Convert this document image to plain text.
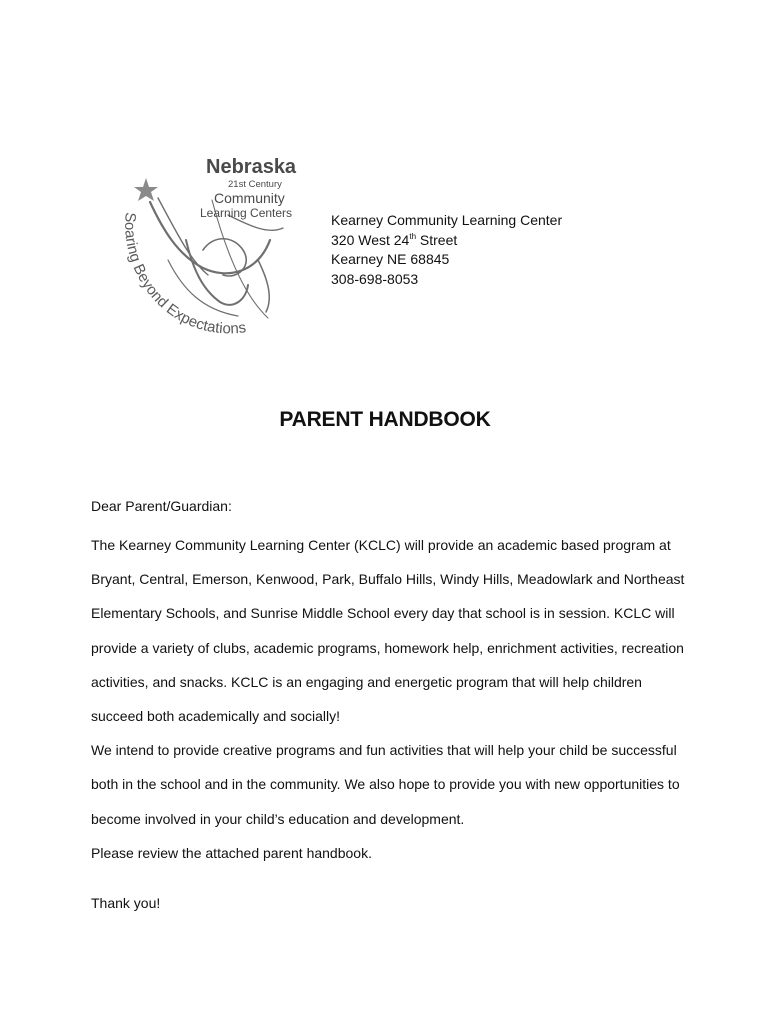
Nebraska
21st Century
Community
Learning Centers
Soaring Beyond Expectations
Kearney Community Learning Center
320 West 24th Street
Kearney NE 68845
308-698-8053
PARENT HANDBOOK
Dear Parent/Guardian:
The Kearney Community Learning Center (KCLC) will provide an academic based program at
Bryant, Central, Emerson, Kenwood, Park, Buffalo Hills, Windy Hills, Meadowlark and Northeast
Elementary Schools, and Sunrise Middle School every day that school is in session. KCLC will
provide a variety of clubs, academic programs, homework help, enrichment activities, recreation
activities, and snacks. KCLC is an engaging and energetic program that will help children
succeed both academically and socially!
We intend to provide creative programs and fun activities that will help your child be successful
both in the school and in the community. We also hope to provide you with new opportunities to
become involved in your child’s education and development.
Please review the attached parent handbook.
Thank you!
